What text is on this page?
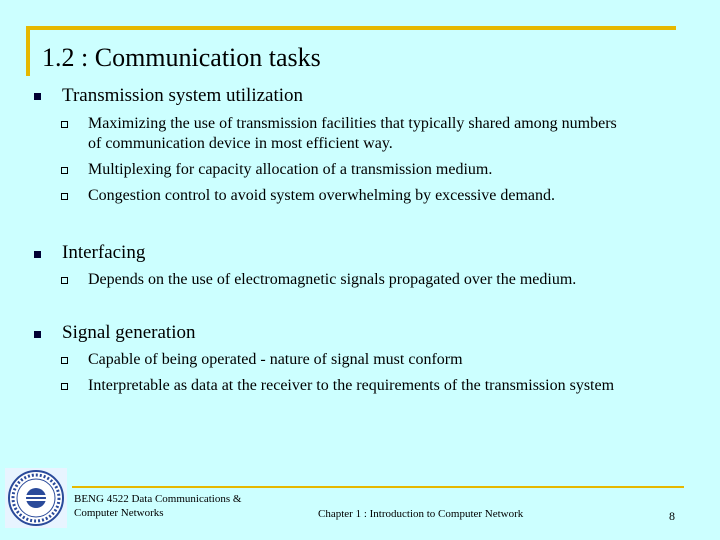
1.2 : Communication tasks
Transmission system utilization
Maximizing the use of transmission facilities that typically shared among numbers
of communication device in most efficient way.
Multiplexing for capacity allocation of a transmission medium.
Congestion control to avoid system overwhelming by excessive demand.
Interfacing
Depends on the use of electromagnetic signals propagated over the medium.
Signal generation
Capable of being operated - nature of signal must conform
Interpretable as data at the receiver to the requirements of the transmission system
BENG 4522 Data Communications &
Computer Networks	Chapter 1 : Introduction to Computer Network	8
